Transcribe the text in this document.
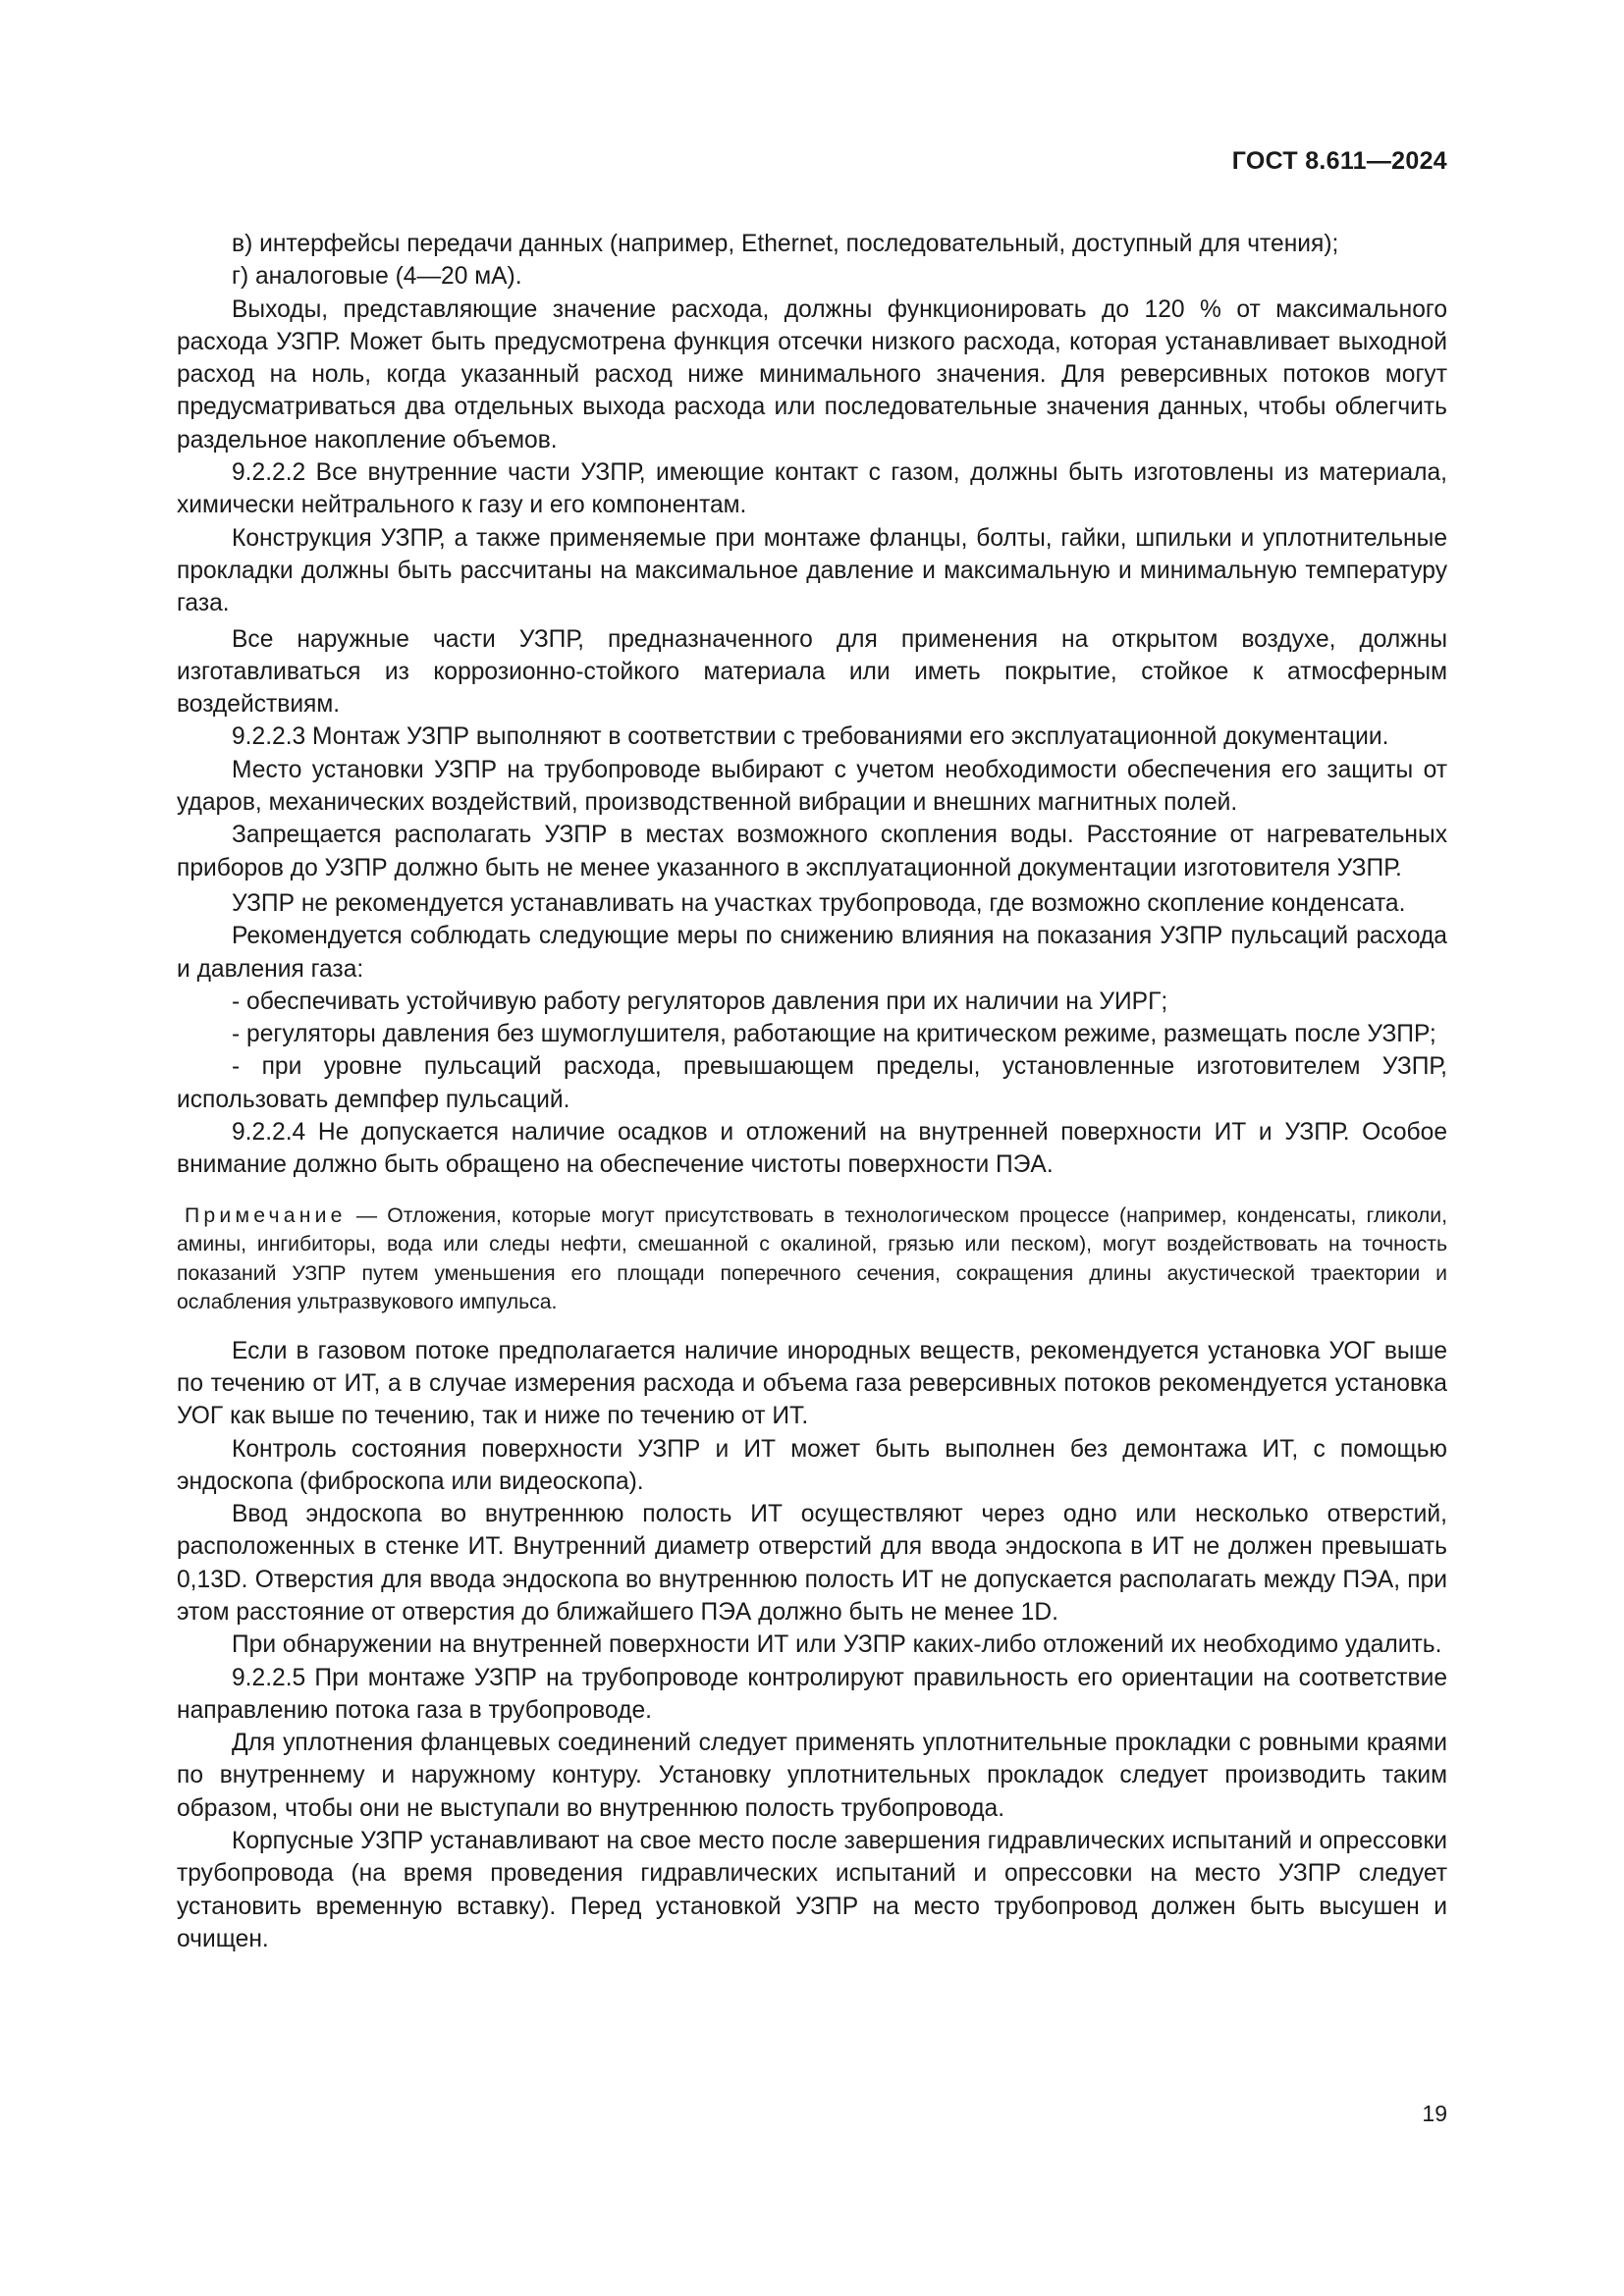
ГОСТ 8.611—2024

в) интерфейсы передачи данных (например, Ethernet, последовательный, доступный для чтения);

г) аналоговые (4—20 мА).

Выходы, представляющие значение расхода, должны функционировать до 120 % от максимального расхода УЗПР. Может быть предусмотрена функция отсечки низкого расхода, которая устанавливает выходной расход на ноль, когда указанный расход ниже минимального значения. Для реверсивных потоков могут предусматриваться два отдельных выхода расхода или последовательные значения данных, чтобы облегчить раздельное накопление объемов.

9.2.2.2 Все внутренние части УЗПР, имеющие контакт с газом, должны быть изготовлены из материала, химически нейтрального к газу и его компонентам.

Конструкция УЗПР, а также применяемые при монтаже фланцы, болты, гайки, шпильки и уплотнительные прокладки должны быть рассчитаны на максимальное давление и максимальную и минимальную температуру газа.

Все наружные части УЗПР, предназначенного для применения на открытом воздухе, должны изготавливаться из коррозионно-стойкого материала или иметь покрытие, стойкое к атмосферным воздействиям.

9.2.2.3 Монтаж УЗПР выполняют в соответствии с требованиями его эксплуатационной документации.

Место установки УЗПР на трубопроводе выбирают с учетом необходимости обеспечения его защиты от ударов, механических воздействий, производственной вибрации и внешних магнитных полей.

Запрещается располагать УЗПР в местах возможного скопления воды. Расстояние от нагревательных приборов до УЗПР должно быть не менее указанного в эксплуатационной документации изготовителя УЗПР.

УЗПР не рекомендуется устанавливать на участках трубопровода, где возможно скопление конденсата.

Рекомендуется соблюдать следующие меры по снижению влияния на показания УЗПР пульсаций расхода и давления газа:

- обеспечивать устойчивую работу регуляторов давления при их наличии на УИРГ;

- регуляторы давления без шумоглушителя, работающие на критическом режиме, размещать после УЗПР;

- при уровне пульсаций расхода, превышающем пределы, установленные изготовителем УЗПР, использовать демпфер пульсаций.

9.2.2.4 Не допускается наличие осадков и отложений на внутренней поверхности ИТ и УЗПР. Особое внимание должно быть обращено на обеспечение чистоты поверхности ПЭА.

Примечание — Отложения, которые могут присутствовать в технологическом процессе (например, конденсаты, гликоли, амины, ингибиторы, вода или следы нефти, смешанной с окалиной, грязью или песком), могут воздействовать на точность показаний УЗПР путем уменьшения его площади поперечного сечения, сокращения длины акустической траектории и ослабления ультразвукового импульса.

Если в газовом потоке предполагается наличие инородных веществ, рекомендуется установка УОГ выше по течению от ИТ, а в случае измерения расхода и объема газа реверсивных потоков рекомендуется установка УОГ как выше по течению, так и ниже по течению от ИТ.

Контроль состояния поверхности УЗПР и ИТ может быть выполнен без демонтажа ИТ, с помощью эндоскопа (фиброскопа или видеоскопа).

Ввод эндоскопа во внутреннюю полость ИТ осуществляют через одно или несколько отверстий, расположенных в стенке ИТ. Внутренний диаметр отверстий для ввода эндоскопа в ИТ не должен превышать 0,13D. Отверстия для ввода эндоскопа во внутреннюю полость ИТ не допускается располагать между ПЭА, при этом расстояние от отверстия до ближайшего ПЭА должно быть не менее 1D.

При обнаружении на внутренней поверхности ИТ или УЗПР каких-либо отложений их необходимо удалить.

9.2.2.5 При монтаже УЗПР на трубопроводе контролируют правильность его ориентации на соответствие направлению потока газа в трубопроводе.

Для уплотнения фланцевых соединений следует применять уплотнительные прокладки с ровными краями по внутреннему и наружному контуру. Установку уплотнительных прокладок следует производить таким образом, чтобы они не выступали во внутреннюю полость трубопровода.

Корпусные УЗПР устанавливают на свое место после завершения гидравлических испытаний и опрессовки трубопровода (на время проведения гидравлических испытаний и опрессовки на место УЗПР следует установить временную вставку). Перед установкой УЗПР на место трубопровод должен быть высушен и очищен.

19
